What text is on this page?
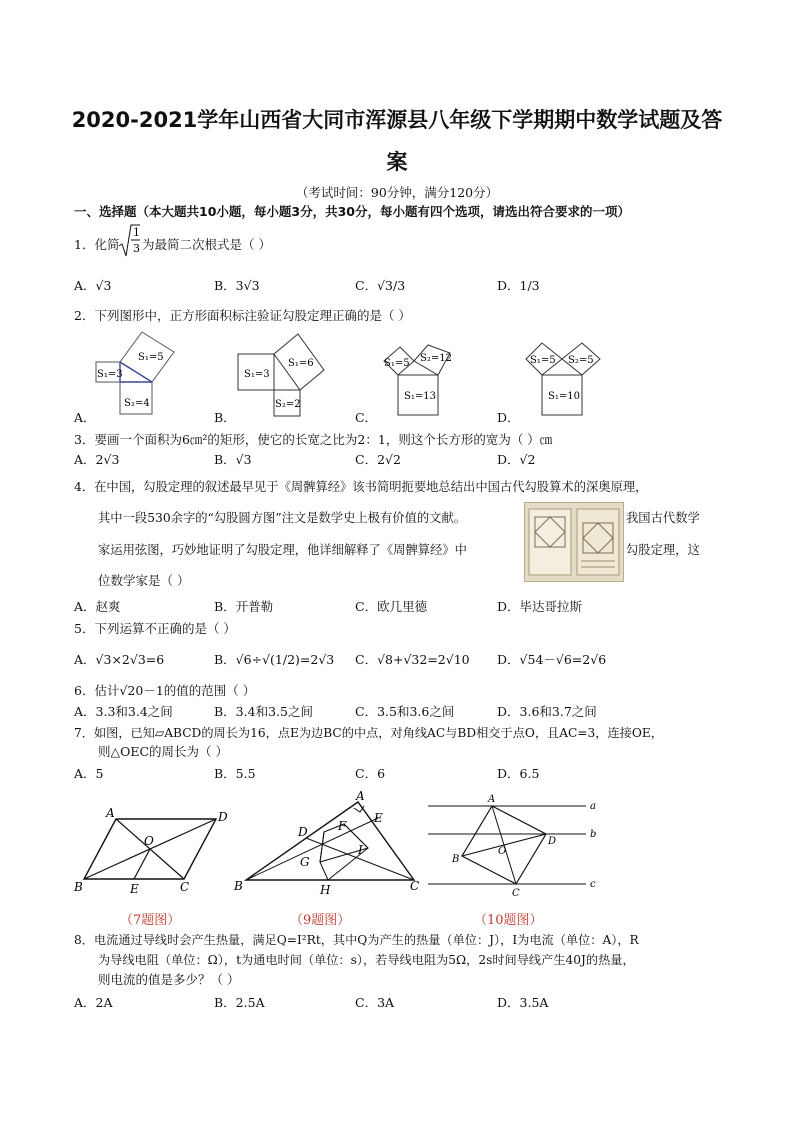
2020-2021学年山西省大同市浑源县八年级下学期期中数学试题及答
案
（考试时间：90分钟，满分120分）
一、选择题（本大题共10小题，每小题3分，共30分，每小题有四个选项，请选出符合要求的一项）
1．化简
1
3 为最简二次根式是（ ）
A．√3	B．3√3	C．√3/3	D．1/3
2．下列图形中，正方形面积标注验证勾股定理正确的是（ ）
S₁=5
S₁=3
S₂=4
S₁=3
S₁=6
S₂=2
S₁=5 S₂=12
S₁=13
S₁=5 S₂=5
S₁=10
A．	B．	C．	D．
3．要画一个面积为6㎝²的矩形，使它的长宽之比为2：1，则这个长方形的宽为（ ）㎝
A．2√3	B．√3	C．2√2	D．√2
4．在中国，勾股定理的叙述最早见于《周髀算经》该书简明扼要地总结出中国古代勾股算术的深奥原理，
其中一段530余字的“勾股圆方图”注文是数学史上极有价值的文献。	我国古代数学
家运用弦图，巧妙地证明了勾股定理，他详细解释了《周髀算经》中	勾股定理，这
位数学家是（ ）
A．赵爽	B．开普勒	C．欧几里德	D．毕达哥拉斯
5．下列运算不正确的是（ ）
A．√3×2√3=6	B．√6÷√(1/2)=2√3 C．√8+√32=2√10 D．√54－√6=2√6
6．估计√20－1的值的范围（ ）
A．3.3和3.4之间	B．3.4和3.5之间	C．3.5和3.6之间	D．3.6和3.7之间
7．如图，已知▱ABCD的周长为16，点E为边BC的中点，对角线AC与BD相交于点O，且AC=3，连接OE，
则△OEC的周长为（ ）
A．5	B．5.5	C．6	D．6.5
A	D
O
B	E	C
A
D	F
E
G
I
B	H	C
A
a
b
D
B
O
C
c
（7题图）	（9题图）	（10题图）
8．电流通过导线时会产生热量，满足Q=I²Rt，其中Q为产生的热量（单位：J），I为电流（单位：A），R
为导线电阻（单位：Ω），t为通电时间（单位：s），若导线电阻为5Ω，2s时间导线产生40J的热量，
则电流的值是多少？（ ）
A．2A	B．2.5A	C．3A	D．3.5A
